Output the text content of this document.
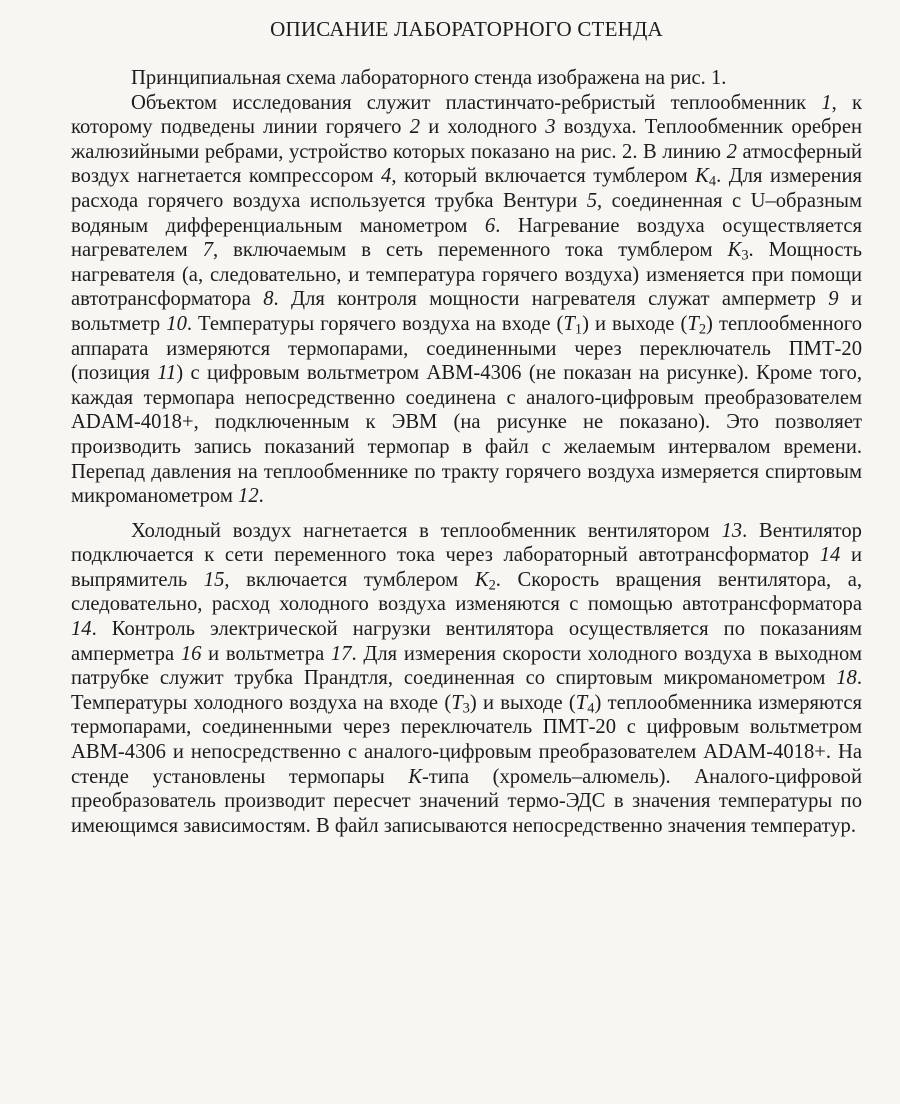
ОПИСАНИЕ ЛАБОРАТОРНОГО СТЕНДА

Принципиальная схема лабораторного стенда изображена на рис. 1.

Объектом исследования служит пластинчато-ребристый теплообменник 1, к которому подведены линии горячего 2 и холодного 3 воздуха. Теплообменник оребрен жалюзийными ребрами, устройство которых показано на рис. 2. В линию 2 атмосферный воздух нагнетается компрессором 4, который включается тумблером $K_4$. Для измерения расхода горячего воздуха используется трубка Вентури 5, соединенная с U–образным водяным дифференциальным манометром 6. Нагревание воздуха осуществляется нагревателем 7, включаемым в сеть переменного тока тумблером $K_3$. Мощность нагревателя (а, следовательно, и температура горячего воздуха) изменяется при помощи автотрансформатора 8. Для контроля мощности нагревателя служат амперметр 9 и вольтметр 10. Температуры горячего воздуха на входе $(T_1)$ и выходе $(T_2)$ теплообменного аппарата измеряются термопарами, соединенными через переключатель ПМТ-20 (позиция 11) с цифровым вольтметром АВМ-4306 (не показан на рисунке). Кроме того, каждая термопара непосредственно соединена с аналого-цифровым преобразователем ADAM-4018+, подключенным к ЭВМ (на рисунке не показано). Это позволяет производить запись показаний термопар в файл с желаемым интервалом времени. Перепад давления на теплообменнике по тракту горячего воздуха измеряется спиртовым микроманометром 12.

Холодный воздух нагнетается в теплообменник вентилятором 13. Вентилятор подключается к сети переменного тока через лабораторный автотрансформатор 14 и выпрямитель 15, включается тумблером $K_2$. Скорость вращения вентилятора, а, следовательно, расход холодного воздуха изменяются с помощью автотрансформатора 14. Контроль электрической нагрузки вентилятора осуществляется по показаниям амперметра 16 и вольтметра 17. Для измерения скорости холодного воздуха в выходном патрубке служит трубка Прандтля, соединенная со спиртовым микроманометром 18. Температуры холодного воздуха на входе $(T_3)$ и выходе $(T_4)$ теплообменника измеряются термопарами, соединенными через переключатель ПМТ-20 с цифровым вольтметром АВМ-4306 и непосредственно с аналого-цифровым преобразователем ADAM-4018+. На стенде установлены термопары K-типа (хромель–алюмель). Аналого-цифровой преобразователь производит пересчет значений термо-ЭДС в значения температуры по имеющимся зависимостям. В файл записываются непосредственно значения температур.
